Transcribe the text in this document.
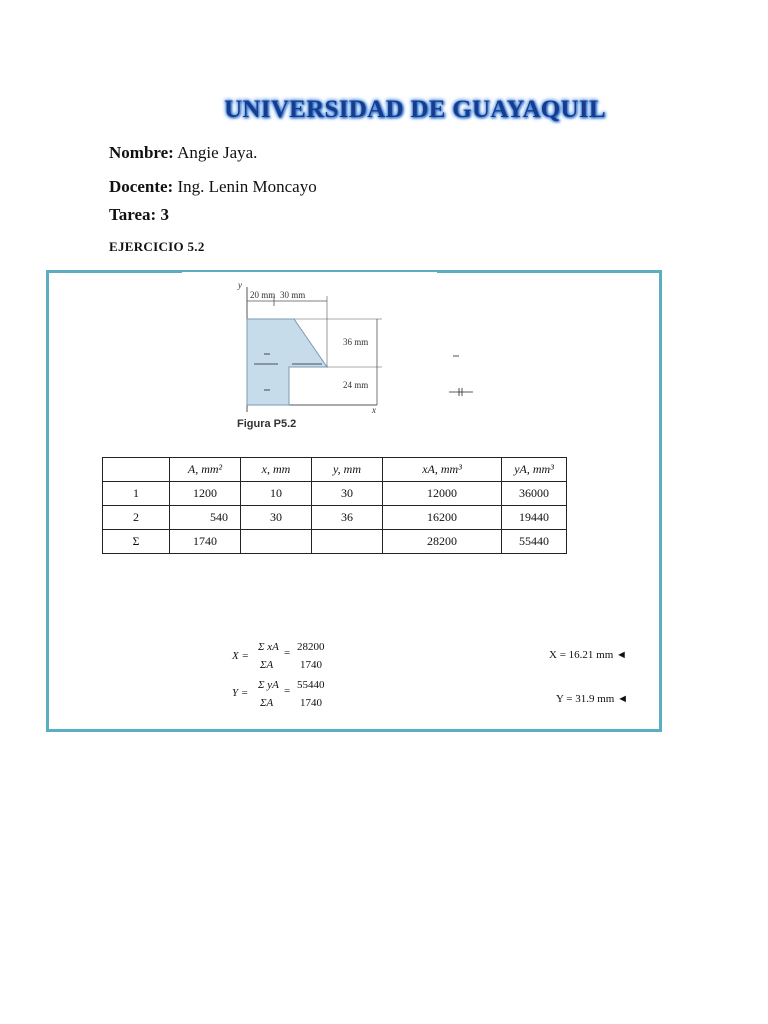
UNIVERSIDAD DE GUAYAQUIL
Nombre: Angie Jaya.
Docente: Ing. Lenin Moncayo
Tarea: 3
EJERCICIO 5.2
y
x
20 mm 30 mm
36 mm
24 mm
Figura P5.2
	A, mm²	x, mm	y, mm	xA, mm³	yA, mm³
1	1200	10	30	12000	36000
2	540	30	36	16200	19440
Σ	1740			28200	55440
X =
Σ xA
ΣA
= 28200
1740
Y =
Σ yA
ΣA
= 55440
1740
X = 16.21 mm ◄
Y = 31.9 mm ◄
